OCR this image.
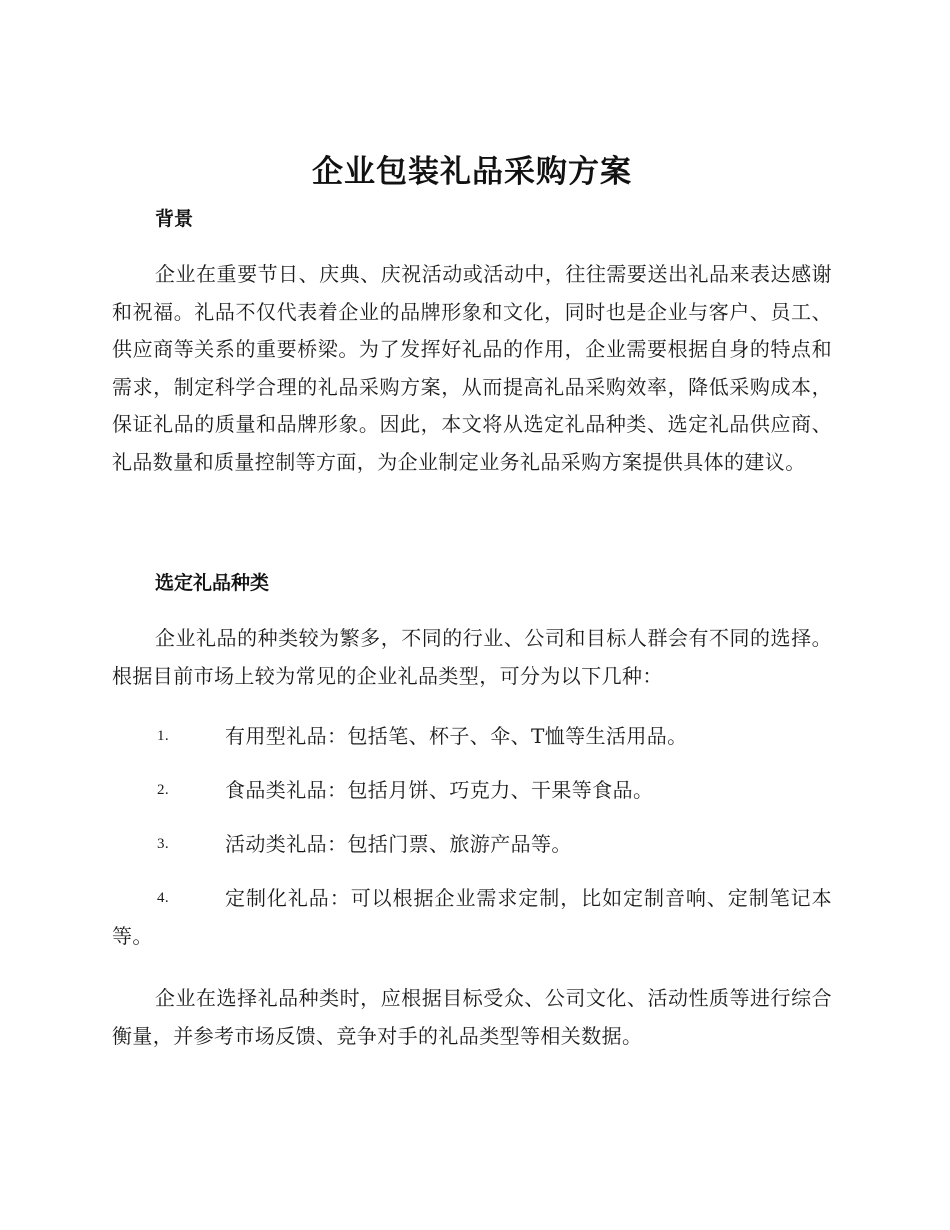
企业包装礼品采购方案
背景
企业在重要节日、庆典、庆祝活动或活动中，往往需要送出礼品来表达感谢和祝福。礼品不仅代表着企业的品牌形象和文化，同时也是企业与客户、员工、供应商等关系的重要桥梁。为了发挥好礼品的作用，企业需要根据自身的特点和需求，制定科学合理的礼品采购方案，从而提高礼品采购效率，降低采购成本，保证礼品的质量和品牌形象。因此，本文将从选定礼品种类、选定礼品供应商、礼品数量和质量控制等方面，为企业制定业务礼品采购方案提供具体的建议。
选定礼品种类
企业礼品的种类较为繁多，不同的行业、公司和目标人群会有不同的选择。根据目前市场上较为常见的企业礼品类型，可分为以下几种：
1.	有用型礼品：包括笔、杯子、伞、T恤等生活用品。
2.	食品类礼品：包括月饼、巧克力、干果等食品。
3.	活动类礼品：包括门票、旅游产品等。
4.	定制化礼品：可以根据企业需求定制，比如定制音响、定制笔记本等。
企业在选择礼品种类时，应根据目标受众、公司文化、活动性质等进行综合衡量，并参考市场反馈、竞争对手的礼品类型等相关数据。
